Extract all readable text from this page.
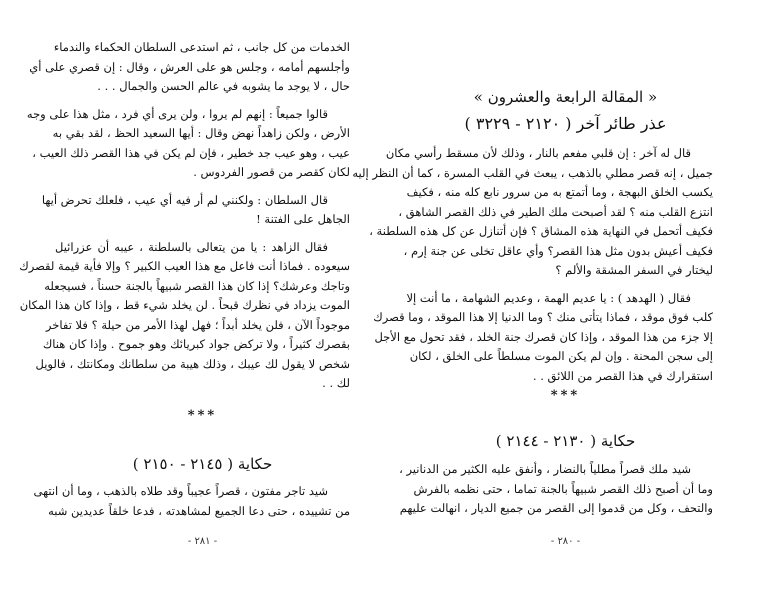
الخدمات من كل جانب ، ثم استدعى السلطان الحكماء والندماء
وأجلسهم أمامه ، وجلس هو على العرش ، وقال : إن قصري على أي
حال ، لا يوجد ما يشوبه في عالم الحسن والجمال . . .

قالوا جميعاً : إنهم لم يروا ، ولن يرى أي فرد ، مثل هذا على وجه
الأرض ، ولكن زاهداً نهض وقال : أيها السعيد الحظ ، لقد بقي به
عيب ، وهو عيب جد خطير ، فإن لم يكن في هذا القصر ذلك العيب ،
لكان كقصر من قصور الفردوس .

قال السلطان : ولكنني لم أر فيه أي عيب ، فلعلك تحرض أيها
الجاهل على الفتنة !

فقال الزاهد : يا من يتعالى بالسلطنة ، عيبه أن عزرائيل
سيعوده . فماذا أنت فاعل مع هذا العيب الكبير ؟ وإلا فأية قيمة لقصرك
وتاجك وعرشك؟ إذا كان هذا القصر شبيهاً بالجنة حسناً ، فسيجعله
الموت يزداد في نظرك قبحاً . لن يخلد شيء قط ، وإذا كان هذا المكان
موجوداً الآن ، فلن يخلد أبداً ؛ فهل لهذا الأمر من حيلة ؟ فلا تفاخر
بقصرك كثيراً ، ولا تركض جواد كبريائك وهو جموح . وإذا كان هناك
شخص لا يقول لك عيبك ، وذلك هيبة من سلطانك ومكانتك ، فالويل
لك . .

***
حكاية ( ٢١٤٥ - ٢١٥٠ )

شيد تاجر مفتون ، قصراً عجيباً وقد طلاه بالذهب ، وما أن انتهى
من تشييده ، حتى دعا الجميع لمشاهدته ، فدعا خلقاً عديدين شبه

- ٢٨١ -
« المقالة الرابعة والعشرون »
عذر طائر آخر ( ٢١٢٠ - ٣٢٢٩ )

قال له آخر : إن قلبي مفعم بالنار ، وذلك لأن مسقط رأسي مكان
جميل ، إنه قصر مطلي بالذهب ، يبعث في القلب المسرة ، كما أن النظر إليه
يكسب الخلق البهجة ، وما أتمتع به من سرور نابع كله منه ، فكيف
انتزع القلب منه ؟ لقد أصبحت ملك الطير في ذلك القصر الشاهق ،
فكيف أتحمل في النهاية هذه المشاق ؟ فإن أتنازل عن كل هذه السلطنة ،
فكيف أعيش بدون مثل هذا القصر؟ وأي عاقل تخلى عن جنة إرم ،
ليختار في السفر المشقة والألم ؟

فقال ( الهدهد ) : يا عديم الهمة ، وعديم الشهامة ، ما أنت إلا
كلب فوق موقد ، فماذا يتأتى منك ؟ وما الدنيا إلا هذا الموقد ، وما قصرك
إلا جزء من هذا الموقد ، وإذا كان قصرك جنة الخلد ، فقد تحول مع الأجل
إلى سجن المحنة . وإن لم يكن الموت مسلطاً على الخلق ، لكان
استقرارك في هذا القصر من اللائق . .

***
حكاية ( ٢١٣٠ - ٢١٤٤ )

شيد ملك قصراً مطلياً بالنضار ، وأنفق عليه الكثير من الدنانير ،
وما أن أصبح ذلك القصر شبيهاً بالجنة تماما ، حتى نظمه بالفرش
والتحف ، وكل من قدموا إلى القصر من جميع الديار ، انهالت عليهم

- ٢٨٠ -
